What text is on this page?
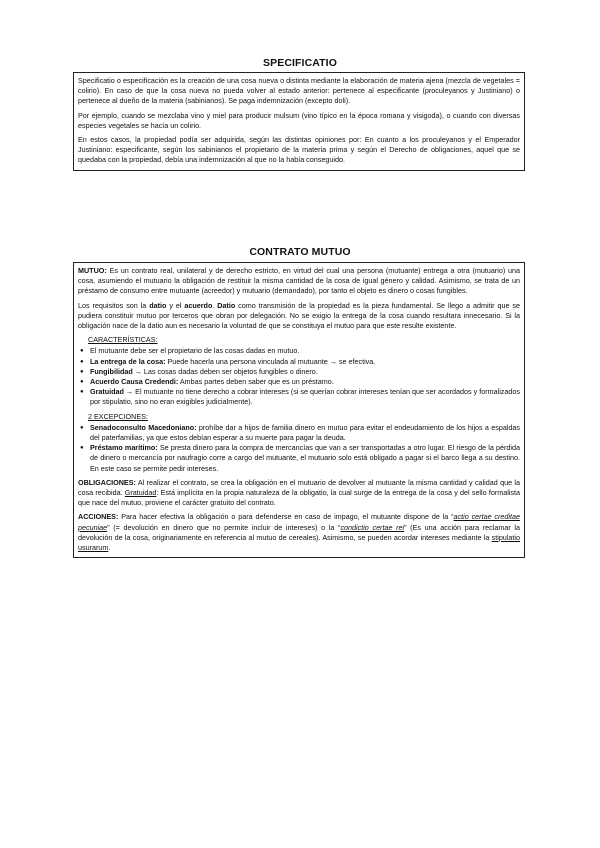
SPECIFICATIO

Specificatio o especificación es la creación de una cosa nueva o distinta mediante la elaboración de materia ajena (mezcla de vegetales = colirio). En caso de que la cosa nueva no pueda volver al estado anterior: pertenece al especificante (proculeyanos y Justiniano) o pertenece al dueño de la materia (sabinianos). Se paga indemnización (excepto doli).

Por ejemplo, cuando se mezclaba vino y miel para producir mulsum (vino típico en la época romana y visigoda), o cuando con diversas especies vegetales se hacía un colirio.

En estos casos, la propiedad podía ser adquirida, según las distintas opiniones por: En cuanto a los proculeyanos y el Emperador Justiniano: especificante, según los sabinianos el propietario de la materia prima y según el Derecho de obligaciones, aquel que se quedaba con la propiedad, debía una indemnización al que no la había conseguido.

CONTRATO MUTUO

MUTUO: Es un contrato real, unilateral y de derecho estricto, en virtud del cual una persona (mutuante) entrega a otra (mutuario) una cosa, asumiendo el mutuario la obligación de restituir la misma cantidad de la cosa de igual género y calidad. Asimismo, se trata de un préstamo de consumo entre mutuante (acreedor) y mutuario (demandado), por tanto el objeto es dinero o cosas fungibles.

Los requisitos son la datio y el acuerdo. Datio como transmisión de la propiedad es la pieza fundamental. Se llego a admitir que se pudiera constituir mutuo por terceros que obran por delegación. No se exigio la entrega de la cosa cuando resultara innecesario. Si la obligación nace de la datio aun es necesario la voluntad de que se constituya el mutuo para que este resulte existente.

CARACTERÍSTICAS:
● El mutuante debe ser el propietario de las cosas dadas en mutuo.
● La entrega de la cosa: Puede hacerla una persona vinculada al mutuante → se efectiva.
● Fungibilidad → Las cosas dadas deben ser objetos fungibles o dinero.
● Acuerdo Causa Credendi: Ambas partes deben saber que es un préstamo.
● Gratuidad → El mutuante no tiene derecho a cobrar intereses (si se querían cobrar intereses tenían que ser acordados y formalizados por stipulatio, sino no eran exigibles judicialmente).
2 EXCEPCIONES:
● Senadoconsulto Macedoniano: prohíbe dar a hijos de familia dinero en mutuo para evitar el endeudamiento de los hijos a espaldas del paterfamilias, ya que estos debían esperar a su muerte para pagar la deuda.
● Préstamo marítimo: Se presta dinero para la compra de mercancías que van a ser transportadas a otro lugar. El riesgo de la pérdida de dinero o mercancía por naufragio corre a cargo del mutuante, el mutuario solo está obligado a pagar si el barco llega a su destino. En este caso se permite pedir intereses.

OBLIGACIONES: Al realizar el contrato, se crea la obligación en el mutuario de devolver al mutuante la misma cantidad y calidad que la cosa recibida. Gratuidad: Está implícita en la propia naturaleza de la obligatio, la cual surge de la entrega de la cosa y del sello formalista que nace del mutuo, proviene el carácter gratuito del contrato.

ACCIONES: Para hacer efectiva la obligación o para defenderse en caso de impago, el mutuante dispone de la “actio certae creditae pecuniae” (= devolución en dinero que no permite incluir de intereses) o la “condictio certae rei” (Es una acción para reclamar la devolución de la cosa, originariamente en referencia al mutuo de cereales). Asimismo, se pueden acordar intereses mediante la stipulatio usurarum.
